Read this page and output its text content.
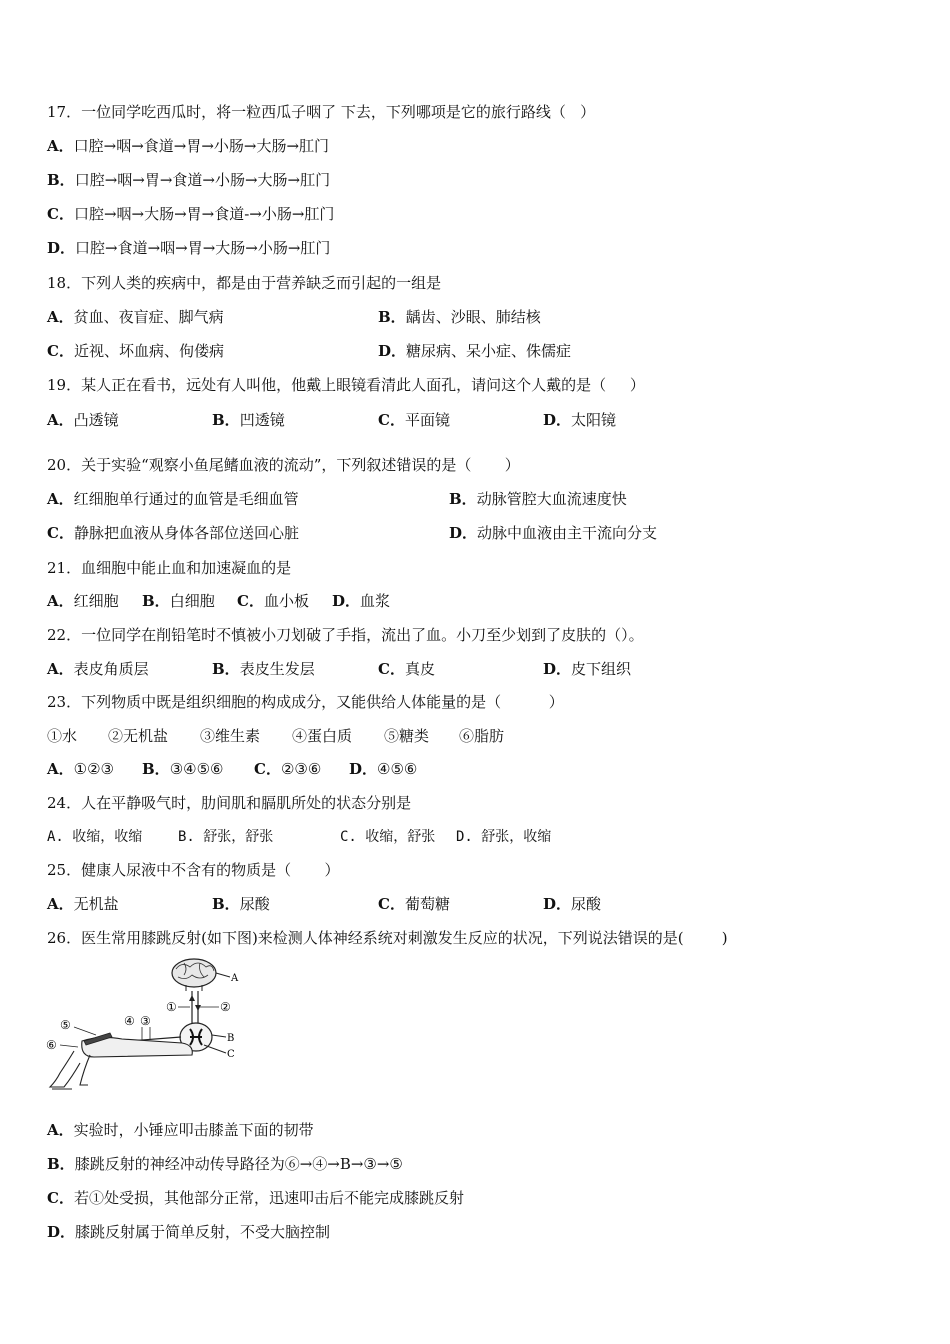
17．一位同学吃西瓜时，将一粒西瓜子咽了 下去，下列哪项是它的旅行路线（   ）
A．口腔→咽→食道→胃→小肠→大肠→肛门
B．口腔→咽→胃→食道→小肠→大肠→肛门
C．口腔→咽→大肠→胃→食道-→小肠→肛门
D．口腔→食道→咽→胃→大肠→小肠→肛门
18．下列人类的疾病中，都是由于营养缺乏而引起的一组是
A．贫血、夜盲症、脚气病	B．龋齿、沙眼、肺结核
C．近视、坏血病、佝偻病	D．糖尿病、呆小症、侏儒症
19．某人正在看书，远处有人叫他，他戴上眼镜看清此人面孔，请问这个人戴的是（     ）
A．凸透镜	B．凹透镜	C．平面镜	D．太阳镜
20．关于实验“观察小鱼尾鳍血液的流动”，下列叙述错误的是（       ）
A．红细胞单行通过的血管是毛细血管	B．动脉管腔大血流速度快
C．静脉把血液从身体各部位送回心脏	D．动脉中血液由主干流向分支
21．血细胞中能止血和加速凝血的是
A．红细胞 B．白细胞 C．血小板 D．血浆
22．一位同学在削铅笔时不慎被小刀划破了手指，流出了血。小刀至少划到了皮肤的（）。
A．表皮角质层	B．表皮生发层	C．真皮	D．皮下组织
23．下列物质中既是组织细胞的构成成分，又能供给人体能量的是（          ）
①水 ②无机盐 ③维生素 ④蛋白质 ⑤糖类 ⑥脂肪
A．①②③ B．③④⑤⑥ C．②③⑥ D．④⑤⑥
24．人在平静吸气时，肋间肌和膈肌所处的状态分别是
A. 收缩，收缩	B. 舒张，舒张	C. 收缩，舒张 D. 舒张，收缩
25．健康人尿液中不含有的物质是（       ）
A．无机盐	B．尿酸	C．葡萄糖	D．尿酸
26．医生常用膝跳反射(如下图)来检测人体神经系统对刺激发生反应的状况，下列说法错误的是(        )
A
①	②
B
C
④ ③
⑤
⑥
A．实验时，小锤应叩击膝盖下面的韧带
B．膝跳反射的神经冲动传导路径为⑥→④→B→③→⑤
C．若①处受损，其他部分正常，迅速叩击后不能完成膝跳反射
D．膝跳反射属于简单反射，不受大脑控制
